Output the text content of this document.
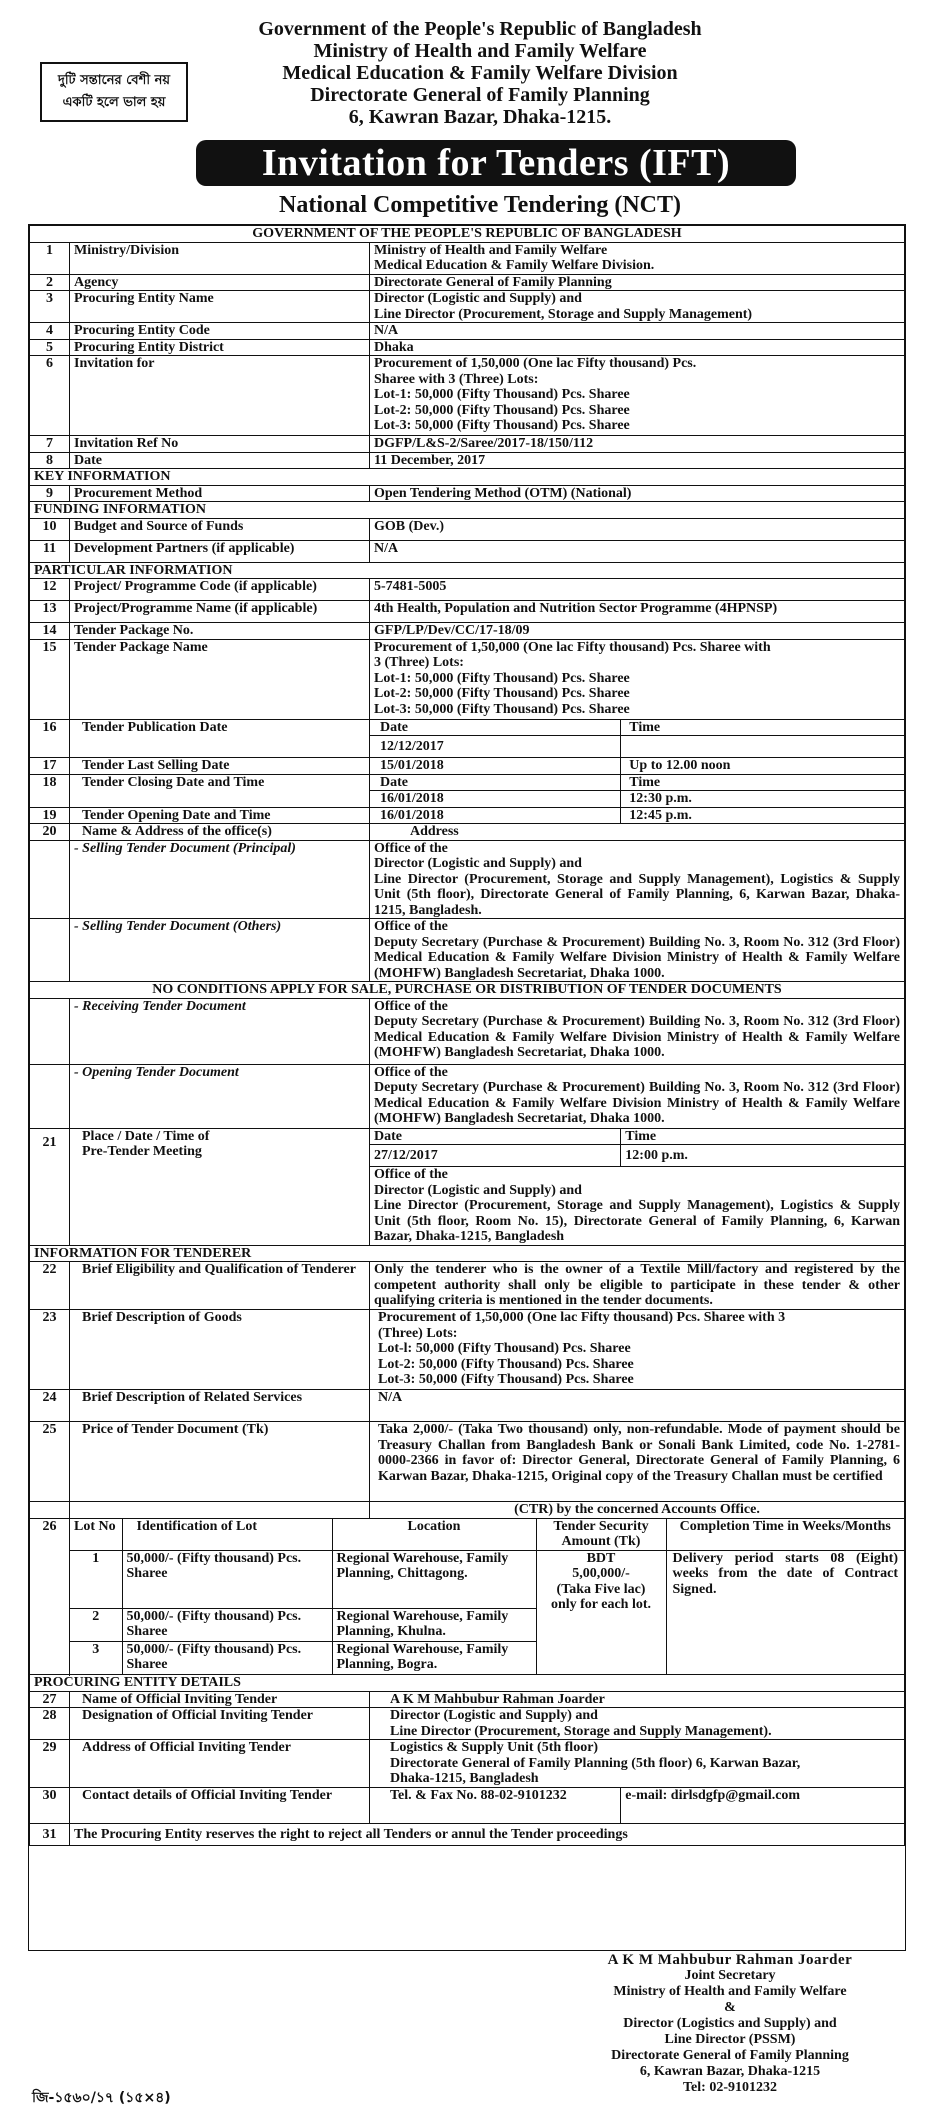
দুটি সন্তানের বেশী নয়
একটি হলে ভাল হয়
Government of the People's Republic of Bangladesh
Ministry of Health and Family Welfare
Medical Education & Family Welfare Division
Directorate General of Family Planning
6, Kawran Bazar, Dhaka-1215.
Invitation for Tenders (IFT)
National Competitive Tendering (NCT)
GOVERNMENT OF THE PEOPLE'S REPUBLIC OF BANGLADESH
1	Ministry/Division	Ministry of Health and Family Welfare
Medical Education & Family Welfare Division.
2	Agency	Directorate General of Family Planning
3	Procuring Entity Name	Director (Logistic and Supply) and
Line Director (Procurement, Storage and Supply Management)
4	Procuring Entity Code	N/A
5	Procuring Entity District	Dhaka
6	Invitation for	Procurement of 1,50,000 (One lac Fifty thousand) Pcs.
Sharee with 3 (Three) Lots:
Lot-1: 50,000 (Fifty Thousand) Pcs. Sharee
Lot-2: 50,000 (Fifty Thousand) Pcs. Sharee
Lot-3: 50,000 (Fifty Thousand) Pcs. Sharee
7	Invitation Ref No	DGFP/L&S-2/Saree/2017-18/150/112
8	Date	11 December, 2017
KEY INFORMATION
9	Procurement Method	Open Tendering Method (OTM) (National)
FUNDING INFORMATION
10	Budget and Source of Funds	GOB (Dev.)
11	Development Partners (if applicable)	N/A
PARTICULAR INFORMATION
12	Project/ Programme Code (if applicable)	5-7481-5005
13	Project/Programme Name (if applicable)	4th Health, Population and Nutrition Sector Programme (4HPNSP)
14	Tender Package No.	GFP/LP/Dev/CC/17-18/09
15	Tender Package Name	Procurement of 1,50,000 (One lac Fifty thousand) Pcs. Sharee with
3 (Three) Lots:
Lot-1: 50,000 (Fifty Thousand) Pcs. Sharee
Lot-2: 50,000 (Fifty Thousand) Pcs. Sharee
Lot-3: 50,000 (Fifty Thousand) Pcs. Sharee
16	Tender Publication Date	Date	Time
12/12/2017	
17	Tender Last Selling Date	15/01/2018	Up to 12.00 noon
18	Tender Closing Date and Time	Date	Time
16/01/2018	12:30 p.m.
19	Tender Opening Date and Time	16/01/2018	12:45 p.m.
20	Name & Address of the office(s)	Address
	- Selling Tender Document (Principal)	Office of the
Director (Logistic and Supply) and
Line Director (Procurement, Storage and Supply Management), Logistics & Supply Unit (5th floor), Directorate General of Family Planning, 6, Karwan Bazar, Dhaka-1215, Bangladesh.
	- Selling Tender Document (Others)	Office of the
Deputy Secretary (Purchase & Procurement) Building No. 3, Room No. 312 (3rd Floor) Medical Education & Family Welfare Division Ministry of Health & Family Welfare (MOHFW) Bangladesh Secretariat, Dhaka 1000.
NO CONDITIONS APPLY FOR SALE, PURCHASE OR DISTRIBUTION OF TENDER DOCUMENTS
	- Receiving Tender Document	Office of the
Deputy Secretary (Purchase & Procurement) Building No. 3, Room No. 312 (3rd Floor) Medical Education & Family Welfare Division Ministry of Health & Family Welfare (MOHFW) Bangladesh Secretariat, Dhaka 1000.
	- Opening Tender Document	Office of the
Deputy Secretary (Purchase & Procurement) Building No. 3, Room No. 312 (3rd Floor) Medical Education & Family Welfare Division Ministry of Health & Family Welfare (MOHFW) Bangladesh Secretariat, Dhaka 1000.
21	Place / Date / Time of
Pre-Tender Meeting	Date	Time
27/12/2017	12:00 p.m.
Office of the
Director (Logistic and Supply) and
Line Director (Procurement, Storage and Supply Management), Logistics & Supply Unit (5th floor, Room No. 15), Directorate General of Family Planning, 6, Karwan Bazar, Dhaka-1215, Bangladesh
INFORMATION FOR TENDERER
22	Brief Eligibility and Qualification of Tenderer	Only the tenderer who is the owner of a Textile Mill/factory and registered by the competent authority shall only be eligible to participate in these tender & other qualifying criteria is mentioned in the tender documents.
23	Brief Description of Goods	Procurement of 1,50,000 (One lac Fifty thousand) Pcs. Sharee with 3
(Three) Lots:
Lot-l: 50,000 (Fifty Thousand) Pcs. Sharee
Lot-2: 50,000 (Fifty Thousand) Pcs. Sharee
Lot-3: 50,000 (Fifty Thousand) Pcs. Sharee
24	Brief Description of Related Services	N/A
25	Price of Tender Document (Tk)	Taka 2,000/- (Taka Two thousand) only, non-refundable. Mode of payment should be Treasury Challan from Bangladesh Bank or Sonali Bank Limited, code No. 1-2781-0000-2366 in favor of: Director General, Directorate General of Family Planning, 6 Karwan Bazar, Dhaka-1215, Original copy of the Treasury Challan must be certified
		(CTR) by the concerned Accounts Office.
26	Lot No	Identification of Lot	Location	Tender Security Amount (Tk)	Completion Time in Weeks/Months
1	50,000/- (Fifty thousand) Pcs. Sharee	Regional Warehouse, Family Planning, Chittagong.	BDT
5,00,000/-
(Taka Five lac) only for each lot.	Delivery period starts 08 (Eight) weeks from the date of Contract Signed.
2	50,000/- (Fifty thousand) Pcs. Sharee	Regional Warehouse, Family Planning, Khulna.
3	50,000/- (Fifty thousand) Pcs. Sharee	Regional Warehouse, Family Planning, Bogra.

PROCURING ENTITY DETAILS
27	Name of Official Inviting Tender	A K M Mahbubur Rahman Joarder
28	Designation of Official Inviting Tender	Director (Logistic and Supply) and
Line Director (Procurement, Storage and Supply Management).
29	Address of Official Inviting Tender	Logistics & Supply Unit (5th floor)
Directorate General of Family Planning (5th floor) 6, Karwan Bazar,
Dhaka-1215, Bangladesh
30	Contact details of Official Inviting Tender	Tel. & Fax No. 88-02-9101232	e-mail: dirlsdgfp@gmail.com
31	The Procuring Entity reserves the right to reject all Tenders or annul the Tender proceedings
A K M Mahbubur Rahman Joarder
Joint Secretary
Ministry of Health and Family Welfare
&
Director (Logistics and Supply) and
Line Director (PSSM)
Directorate General of Family Planning
6, Kawran Bazar, Dhaka-1215
Tel: 02-9101232
জি-১৫৬০/১৭ (১৫×৪)
